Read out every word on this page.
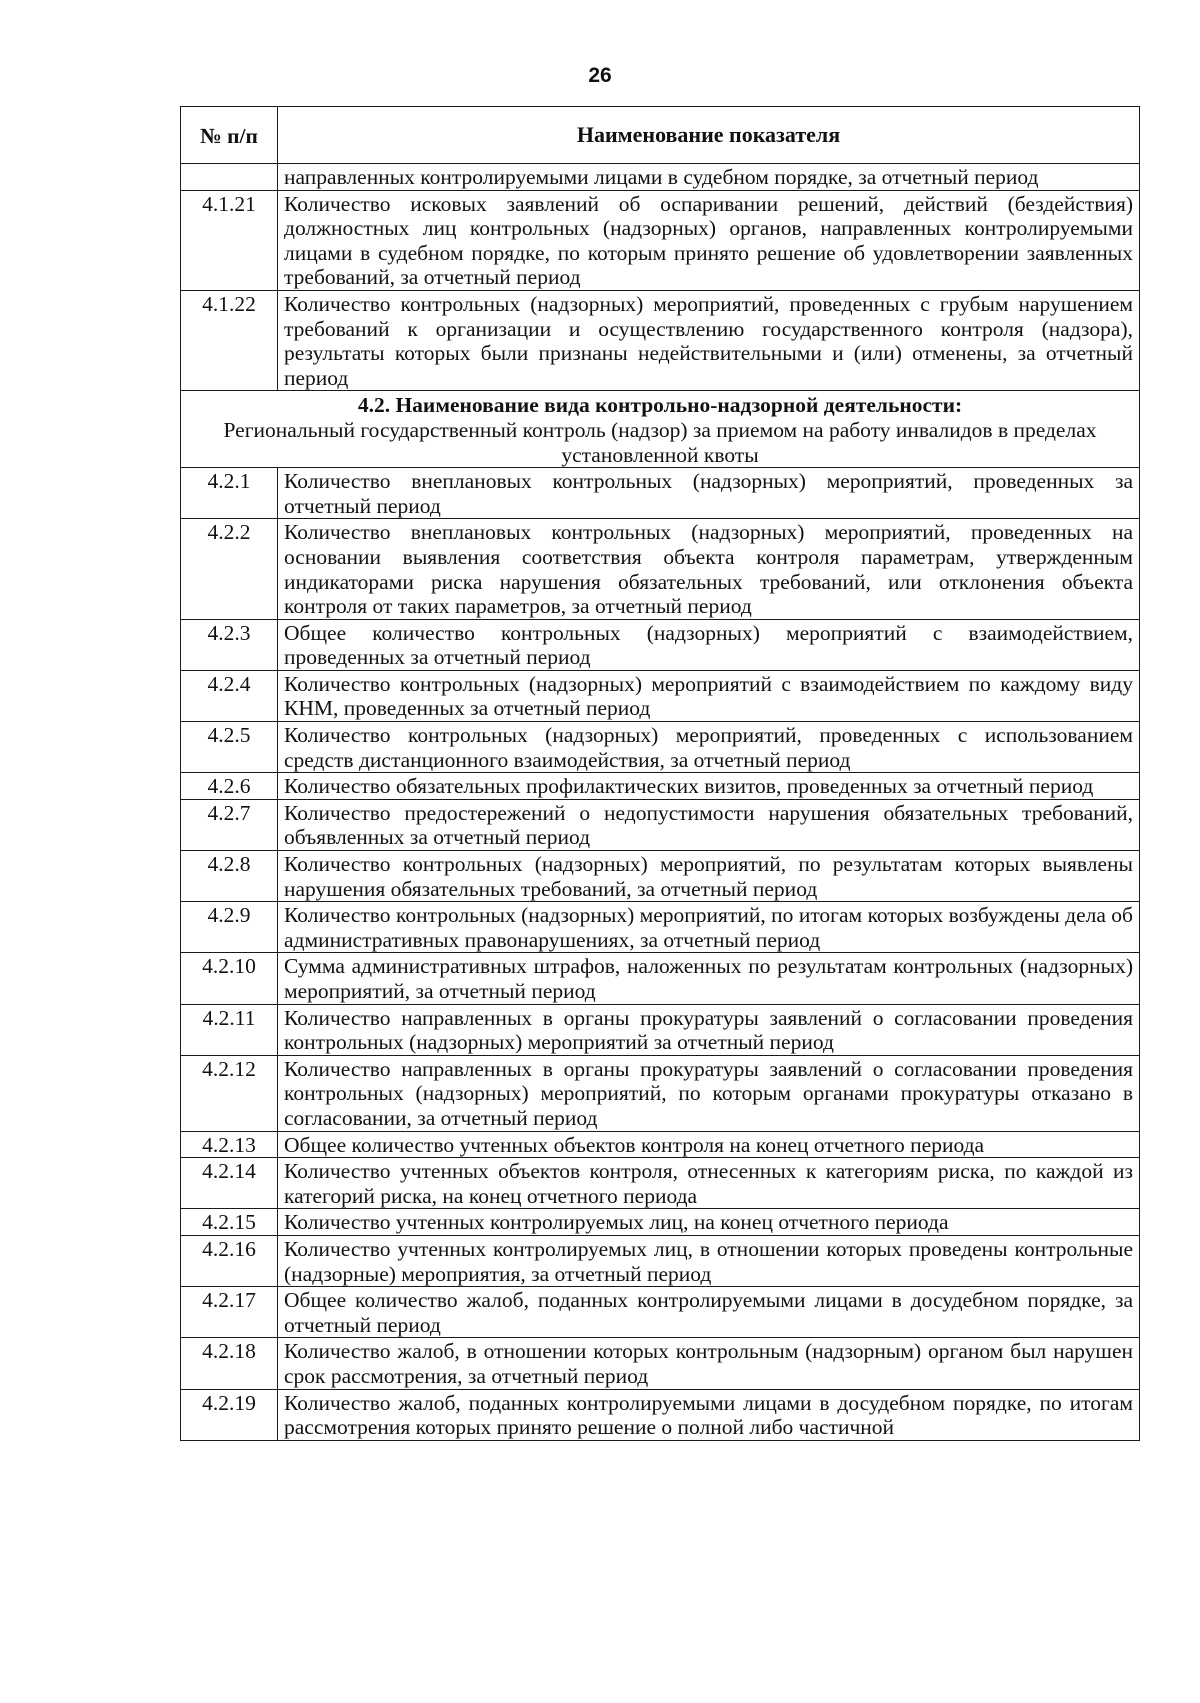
26
№ п/п	Наименование показателя
	направленных контролируемыми лицами в судебном порядке, за отчетный период
4.1.21	Количество исковых заявлений об оспаривании решений, действий (бездействия) должностных лиц контрольных (надзорных) органов, направленных контролируемыми лицами в судебном порядке, по которым принято решение об удовлетворении заявленных требований, за отчетный период
4.1.22	Количество контрольных (надзорных) мероприятий, проведенных с грубым нарушением требований к организации и осуществлению государственного контроля (надзора), результаты которых были признаны недействительными и (или) отменены, за отчетный период

4.2. Наименование вида контрольно-надзорной деятельности:
Региональный государственный контроль (надзор) за приемом на работу инвалидов в пределах установленной квоты	

4.2.1	Количество внеплановых контрольных (надзорных) мероприятий, проведенных за отчетный период
4.2.2	Количество внеплановых контрольных (надзорных) мероприятий, проведенных на основании выявления соответствия объекта контроля параметрам, утвержденным индикаторами риска нарушения обязательных требований, или отклонения объекта контроля от таких параметров, за отчетный период
4.2.3	Общее количество контрольных (надзорных) мероприятий с взаимодействием, проведенных за отчетный период
4.2.4	Количество контрольных (надзорных) мероприятий с взаимодействием по каждому виду КНМ, проведенных за отчетный период
4.2.5	Количество контрольных (надзорных) мероприятий, проведенных с использованием средств дистанционного взаимодействия, за отчетный период
4.2.6	Количество обязательных профилактических визитов, проведенных за отчетный период
4.2.7	Количество предостережений о недопустимости нарушения обязательных требований, объявленных за отчетный период
4.2.8	Количество контрольных (надзорных) мероприятий, по результатам которых выявлены нарушения обязательных требований, за отчетный период
4.2.9	Количество контрольных (надзорных) мероприятий, по итогам которых возбуждены дела об административных правонарушениях, за отчетный период
4.2.10	Сумма административных штрафов, наложенных по результатам контрольных (надзорных) мероприятий, за отчетный период
4.2.11	Количество направленных в органы прокуратуры заявлений о согласовании проведения контрольных (надзорных) мероприятий за отчетный период
4.2.12	Количество направленных в органы прокуратуры заявлений о согласовании проведения контрольных (надзорных) мероприятий, по которым органами прокуратуры отказано в согласовании, за отчетный период
4.2.13	Общее количество учтенных объектов контроля на конец отчетного периода
4.2.14	Количество учтенных объектов контроля, отнесенных к категориям риска, по каждой из категорий риска, на конец отчетного периода
4.2.15	Количество учтенных контролируемых лиц, на конец отчетного периода
4.2.16	Количество учтенных контролируемых лиц, в отношении которых проведены контрольные (надзорные) мероприятия, за отчетный период
4.2.17	Общее количество жалоб, поданных контролируемыми лицами в досудебном порядке, за отчетный период
4.2.18	Количество жалоб, в отношении которых контрольным (надзорным) органом был нарушен срок рассмотрения, за отчетный период
4.2.19	Количество жалоб, поданных контролируемыми лицами в досудебном порядке, по итогам рассмотрения которых принято решение о полной либо частичной
